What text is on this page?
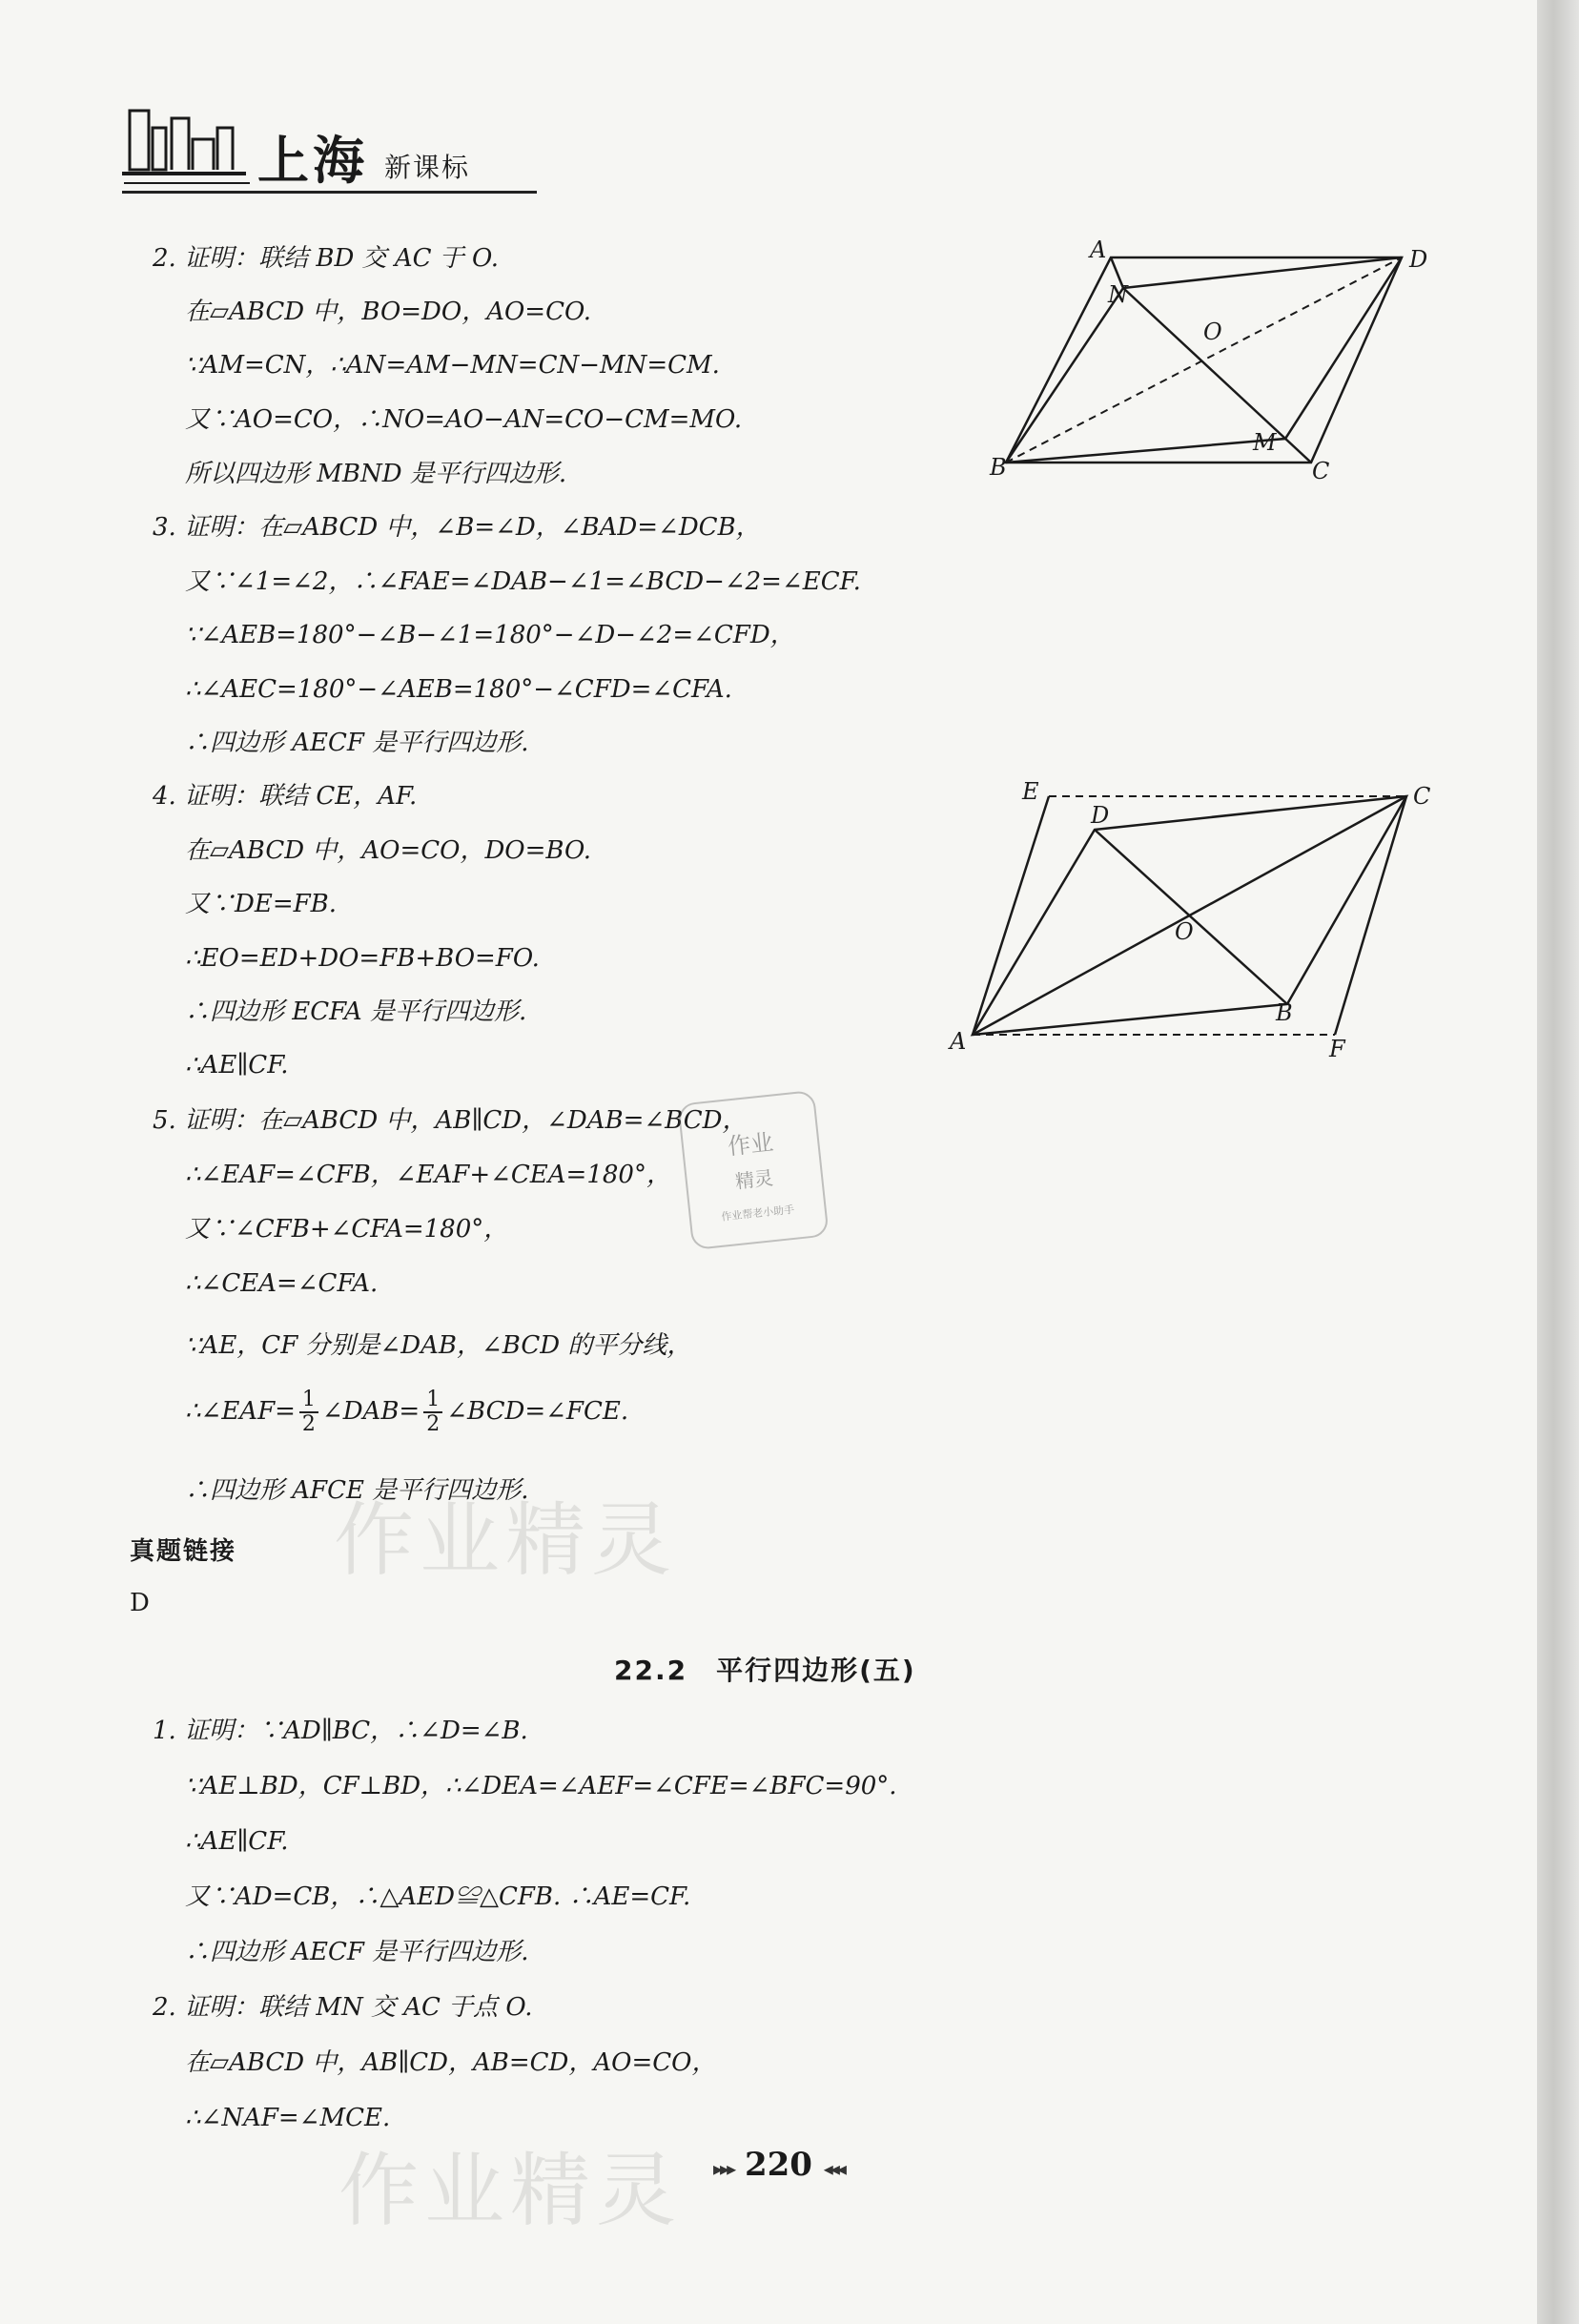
上海 新课标
2. 证明：联结 BD 交 AC 于 O.
在▱ABCD 中，BO=DO，AO=CO.
∵AM=CN，∴AN=AM−MN=CN−MN=CM.
又∵AO=CO，∴NO=AO−AN=CO−CM=MO.
所以四边形 MBND 是平行四边形.
A	D
N
O
M
B	C
3. 证明：在▱ABCD 中，∠B=∠D，∠BAD=∠DCB，
又∵∠1=∠2，∴∠FAE=∠DAB−∠1=∠BCD−∠2=∠ECF.
∵∠AEB=180°−∠B−∠1=180°−∠D−∠2=∠CFD，
∴∠AEC=180°−∠AEB=180°−∠CFD=∠CFA.
∴四边形 AECF 是平行四边形.
4. 证明：联结 CE，AF.
在▱ABCD 中，AO=CO，DO=BO.
又∵DE=FB.
∴EO=ED+DO=FB+BO=FO.
∴四边形 ECFA 是平行四边形.
∴AE∥CF.
E
D
C
O
B
A	F
5. 证明：在▱ABCD 中，AB∥CD，∠DAB=∠BCD，
∴∠EAF=∠CFB，∠EAF+∠CEA=180°，
又∵∠CFB+∠CFA=180°，
∴∠CEA=∠CFA.
∵AE，CF 分别是∠DAB，∠BCD 的平分线，
∴∠EAF= $\frac{1}{2}$ ∠DAB= $\frac{1}{2}$ ∠BCD=∠FCE.
∴四边形 AFCE 是平行四边形.
真题链接
D
22.2　平行四边形(五)
1. 证明：∵AD∥BC，∴∠D=∠B.
∵AE⊥BD，CF⊥BD，∴∠DEA=∠AEF=∠CFE=∠BFC=90°.
∴AE∥CF.
又∵AD=CB，∴△AED≌△CFB. ∴AE=CF.
∴四边形 AECF 是平行四边形.
2. 证明：联结 MN 交 AC 于点 O.
在▱ABCD 中，AB∥CD，AB=CD，AO=CO，
∴∠NAF=∠MCE.
作业
精灵
作业帮老小助手
作业精灵
作业精灵 ▸▸▸ 220 ◂◂◂
